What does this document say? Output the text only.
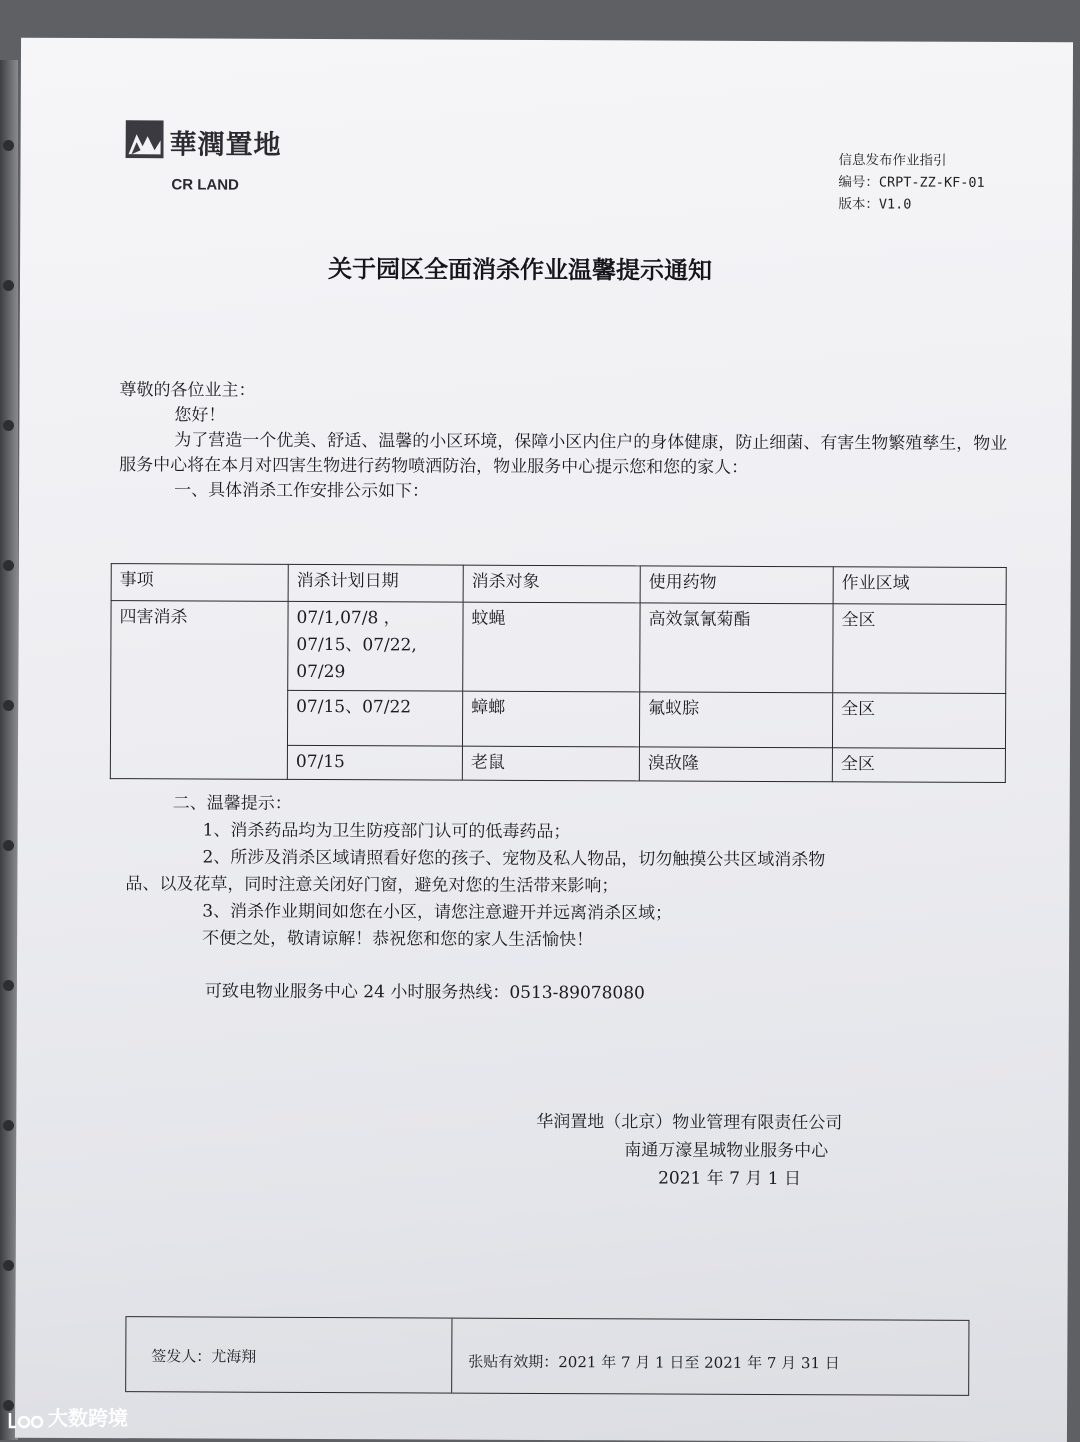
華潤置地
CR LAND
信息发布作业指引
编号：CRPT-ZZ-KF-01
版本：V1.0
关于园区全面消杀作业温馨提示通知

尊敬的各位业主：

您好！

为了营造一个优美、舒适、温馨的小区环境，保障小区内住户的身体健康，防止细菌、有害生物繁殖孳生，物业服务中心将在本月对四害生物进行药物喷洒防治，物业服务中心提示您和您的家人：

一、具体消杀工作安排公示如下：

事项	消杀计划日期	消杀对象	使用药物	作业区域
四害消杀	07/1,07/8 ，
07/15、07/22,
07/29	蚊蝇	高效氯氰菊酯	全区
	07/15、07/22	蟑螂	氟蚁腙	全区
	07/15	老鼠	溴敌隆	全区

二、温馨提示：

1、消杀药品均为卫生防疫部门认可的低毒药品；

2、所涉及消杀区域请照看好您的孩子、宠物及私人物品，切勿触摸公共区域消杀物

品、以及花草，同时注意关闭好门窗，避免对您的生活带来影响；

3、消杀作业期间如您在小区，请您注意避开并远离消杀区域；

不便之处，敬请谅解！恭祝您和您的家人生活愉快！

可致电物业服务中心 24 小时服务热线：0513-89078080

华润置地（北京）物业管理有限责任公司

南通万濠星城物业服务中心

2021 年 7 月 1 日

签发人：尤海翔	张贴有效期：2021 年 7 月 1 日至 2021 年 7 月 31 日
大数跨境
